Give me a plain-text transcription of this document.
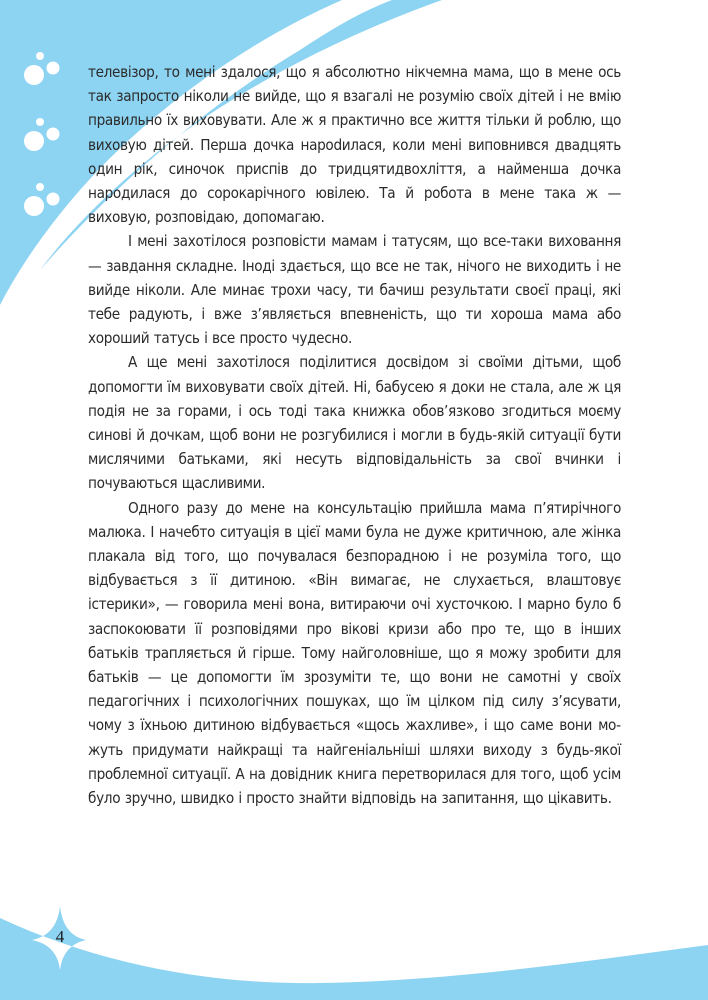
телевізор, то мені здалося, що я абсолютно нікчемна мама, що в мене ось так запросто ніколи не вийде, що я взагалі не розумію своїх дітей і не вмію правильно їх виховувати. Але ж я практично все життя тільки й роблю, що виховую дітей. Перша дочка нароdилася, коли мені виповнився двадцять один рік, синочок приспів до тридцятидвохліття, а найменша дочка народилася до сорокарічного ювілею. Та й робота в мене така ж — виховую, розповідаю, допомагаю.

І мені захотілося розповісти мамам і татусям, що все-таки виховання — завдання складне. Іноді здається, що все не так, нічого не виходить і не вийде ніколи. Але минає трохи часу, ти бачиш результати своєї праці, які тебе радують, і вже з’являється впевненість, що ти хороша мама або хороший татусь і все просто чудесно.

А ще мені захотілося поділитися досвідом зі своїми дітьми, щоб допомогти їм виховувати своїх дітей. Ні, бабусею я доки не стала, але ж ця подія не за горами, і ось тоді така книжка обов’язково згодиться моєму синові й дочкам, щоб вони не розгубилися і могли в будь-якій ситуації бути мислячими батьками, які несуть відповідальність за свої вчинки і почуваються щасливими.

Одного разу до мене на консультацію прийшла мама п’ятирічного малюка. І начебто ситуація в цієї мами була не дуже критичною, але жінка плакала від того, що почувалася безпорадною і не розуміла того, що відбувається з її дитиною. «Він вимагає, не слухається, влаштовує істерики», — говорила мені вона, витираючи очі хусточкою. І марно було б заспокоювати її розповідями про вікові кризи або про те, що в інших батьків трапляється й гірше. Тому найголовніше, що я можу зробити для батьків — це допомогти їм зрозуміти те, що вони не самотні у своїх педагогічних і психологічних пошуках, що їм цілком під силу з’ясувати, чому з їхньою дитиною відбувається «щось жахливе», і що саме вони можуть придумати найкращі та найгеніальніші шляхи виходу з будь-якої проблемної ситуації. А на довідник книга перетворилася для того, щоб усім було зручно, швидко і просто знайти відповідь на запитання, що цікавить.

4
